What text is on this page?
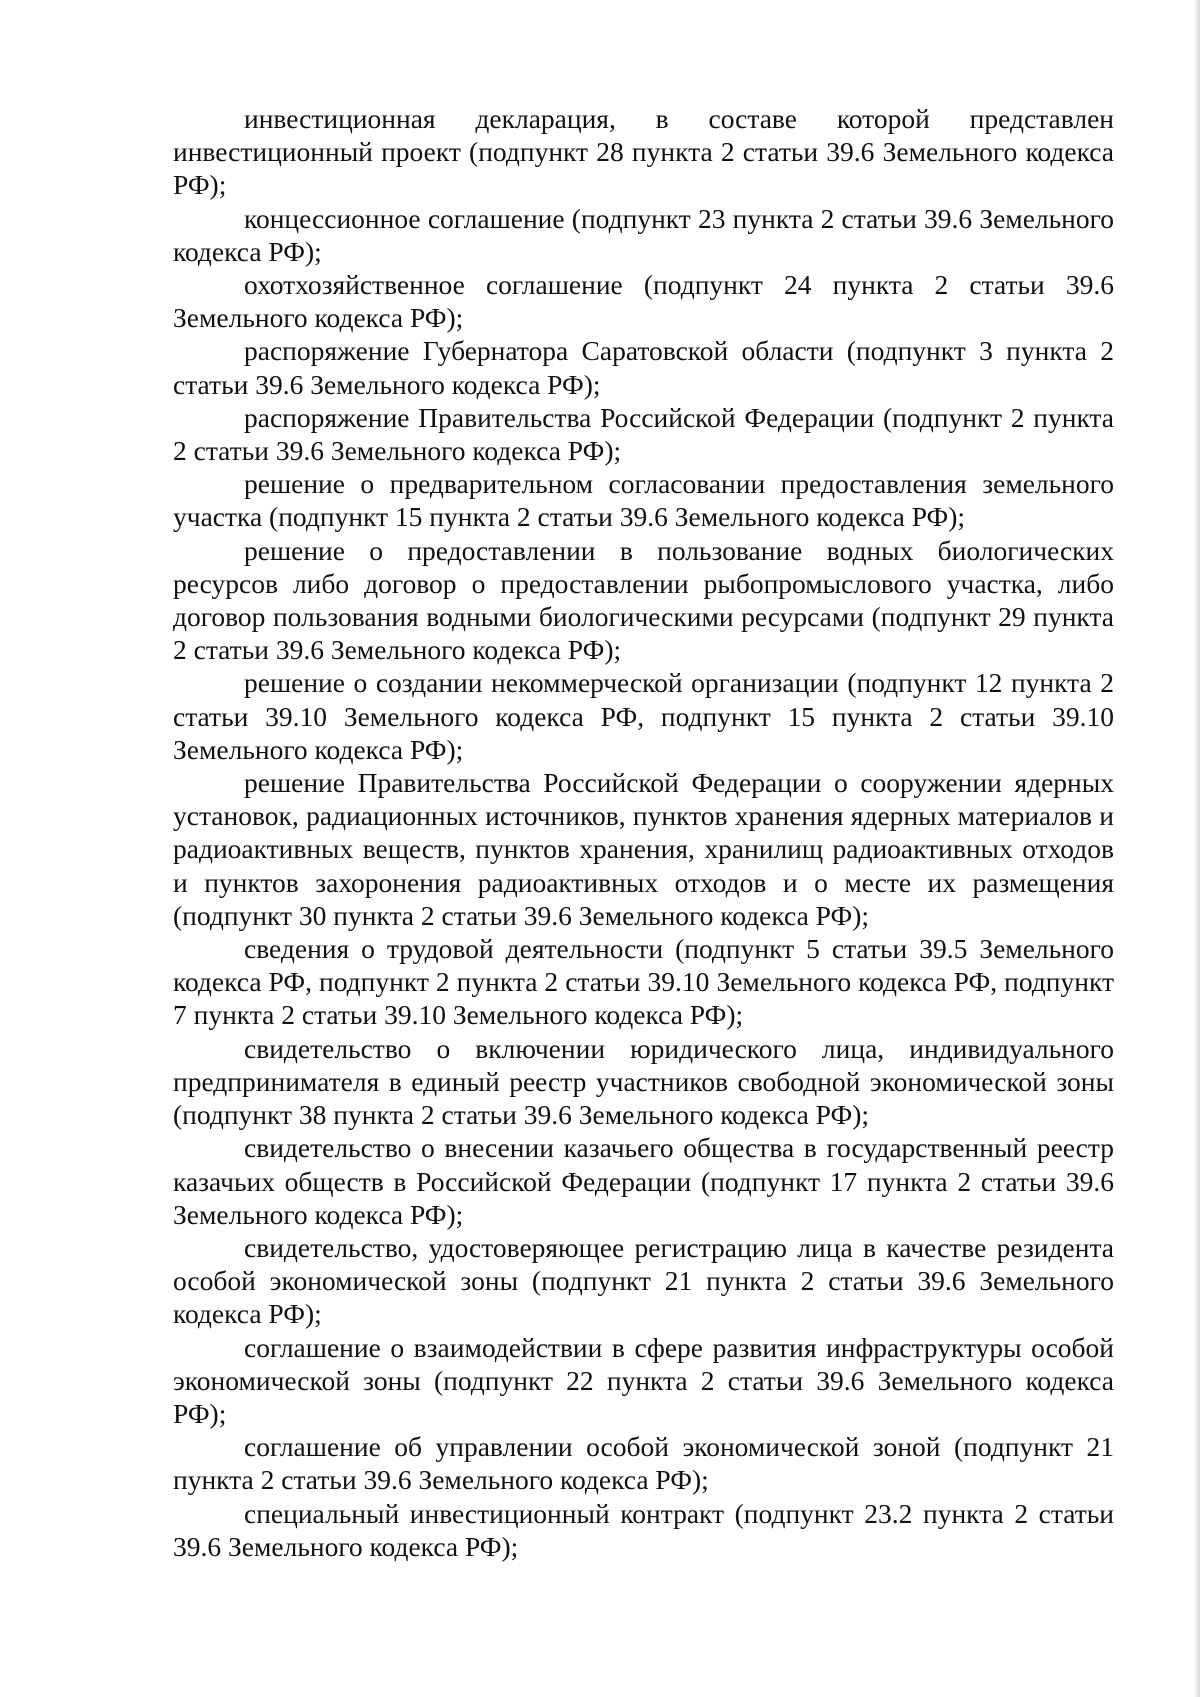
инвестиционная декларация, в составе которой представлен инвестиционный проект (подпункт 28 пункта 2 статьи 39.6 Земельного кодекса РФ);

концессионное соглашение (подпункт 23 пункта 2 статьи 39.6 Земельного кодекса РФ);

охотхозяйственное соглашение (подпункт 24 пункта 2 статьи 39.6 Земельного кодекса РФ);

распоряжение Губернатора Саратовской области (подпункт 3 пункта 2 статьи 39.6 Земельного кодекса РФ);

распоряжение Правительства Российской Федерации (подпункт 2 пункта 2 статьи 39.6 Земельного кодекса РФ);

решение о предварительном согласовании предоставления земельного участка (подпункт 15 пункта 2 статьи 39.6 Земельного кодекса РФ);

решение о предоставлении в пользование водных биологических ресурсов либо договор о предоставлении рыбопромыслового участка, либо договор пользования водными биологическими ресурсами (подпункт 29 пункта 2 статьи 39.6 Земельного кодекса РФ);

решение о создании некоммерческой организации (подпункт 12 пункта 2 статьи 39.10 Земельного кодекса РФ, подпункт 15 пункта 2 статьи 39.10 Земельного кодекса РФ);

решение Правительства Российской Федерации о сооружении ядерных установок, радиационных источников, пунктов хранения ядерных материалов и радиоактивных веществ, пунктов хранения, хранилищ радиоактивных отходов и пунктов захоронения радиоактивных отходов и о месте их размещения (подпункт 30 пункта 2 статьи 39.6 Земельного кодекса РФ);

сведения о трудовой деятельности (подпункт 5 статьи 39.5 Земельного кодекса РФ, подпункт 2 пункта 2 статьи 39.10 Земельного кодекса РФ, подпункт 7 пункта 2 статьи 39.10 Земельного кодекса РФ);

свидетельство о включении юридического лица, индивидуального предпринимателя в единый реестр участников свободной экономической зоны (подпункт 38 пункта 2 статьи 39.6 Земельного кодекса РФ);

свидетельство о внесении казачьего общества в государственный реестр казачьих обществ в Российской Федерации (подпункт 17 пункта 2 статьи 39.6 Земельного кодекса РФ);

свидетельство, удостоверяющее регистрацию лица в качестве резидента особой экономической зоны (подпункт 21 пункта 2 статьи 39.6 Земельного кодекса РФ);

соглашение о взаимодействии в сфере развития инфраструктуры особой экономической зоны (подпункт 22 пункта 2 статьи 39.6 Земельного кодекса РФ);

соглашение об управлении особой экономической зоной (подпункт 21 пункта 2 статьи 39.6 Земельного кодекса РФ);

специальный инвестиционный контракт (подпункт 23.2 пункта 2 статьи 39.6 Земельного кодекса РФ);
